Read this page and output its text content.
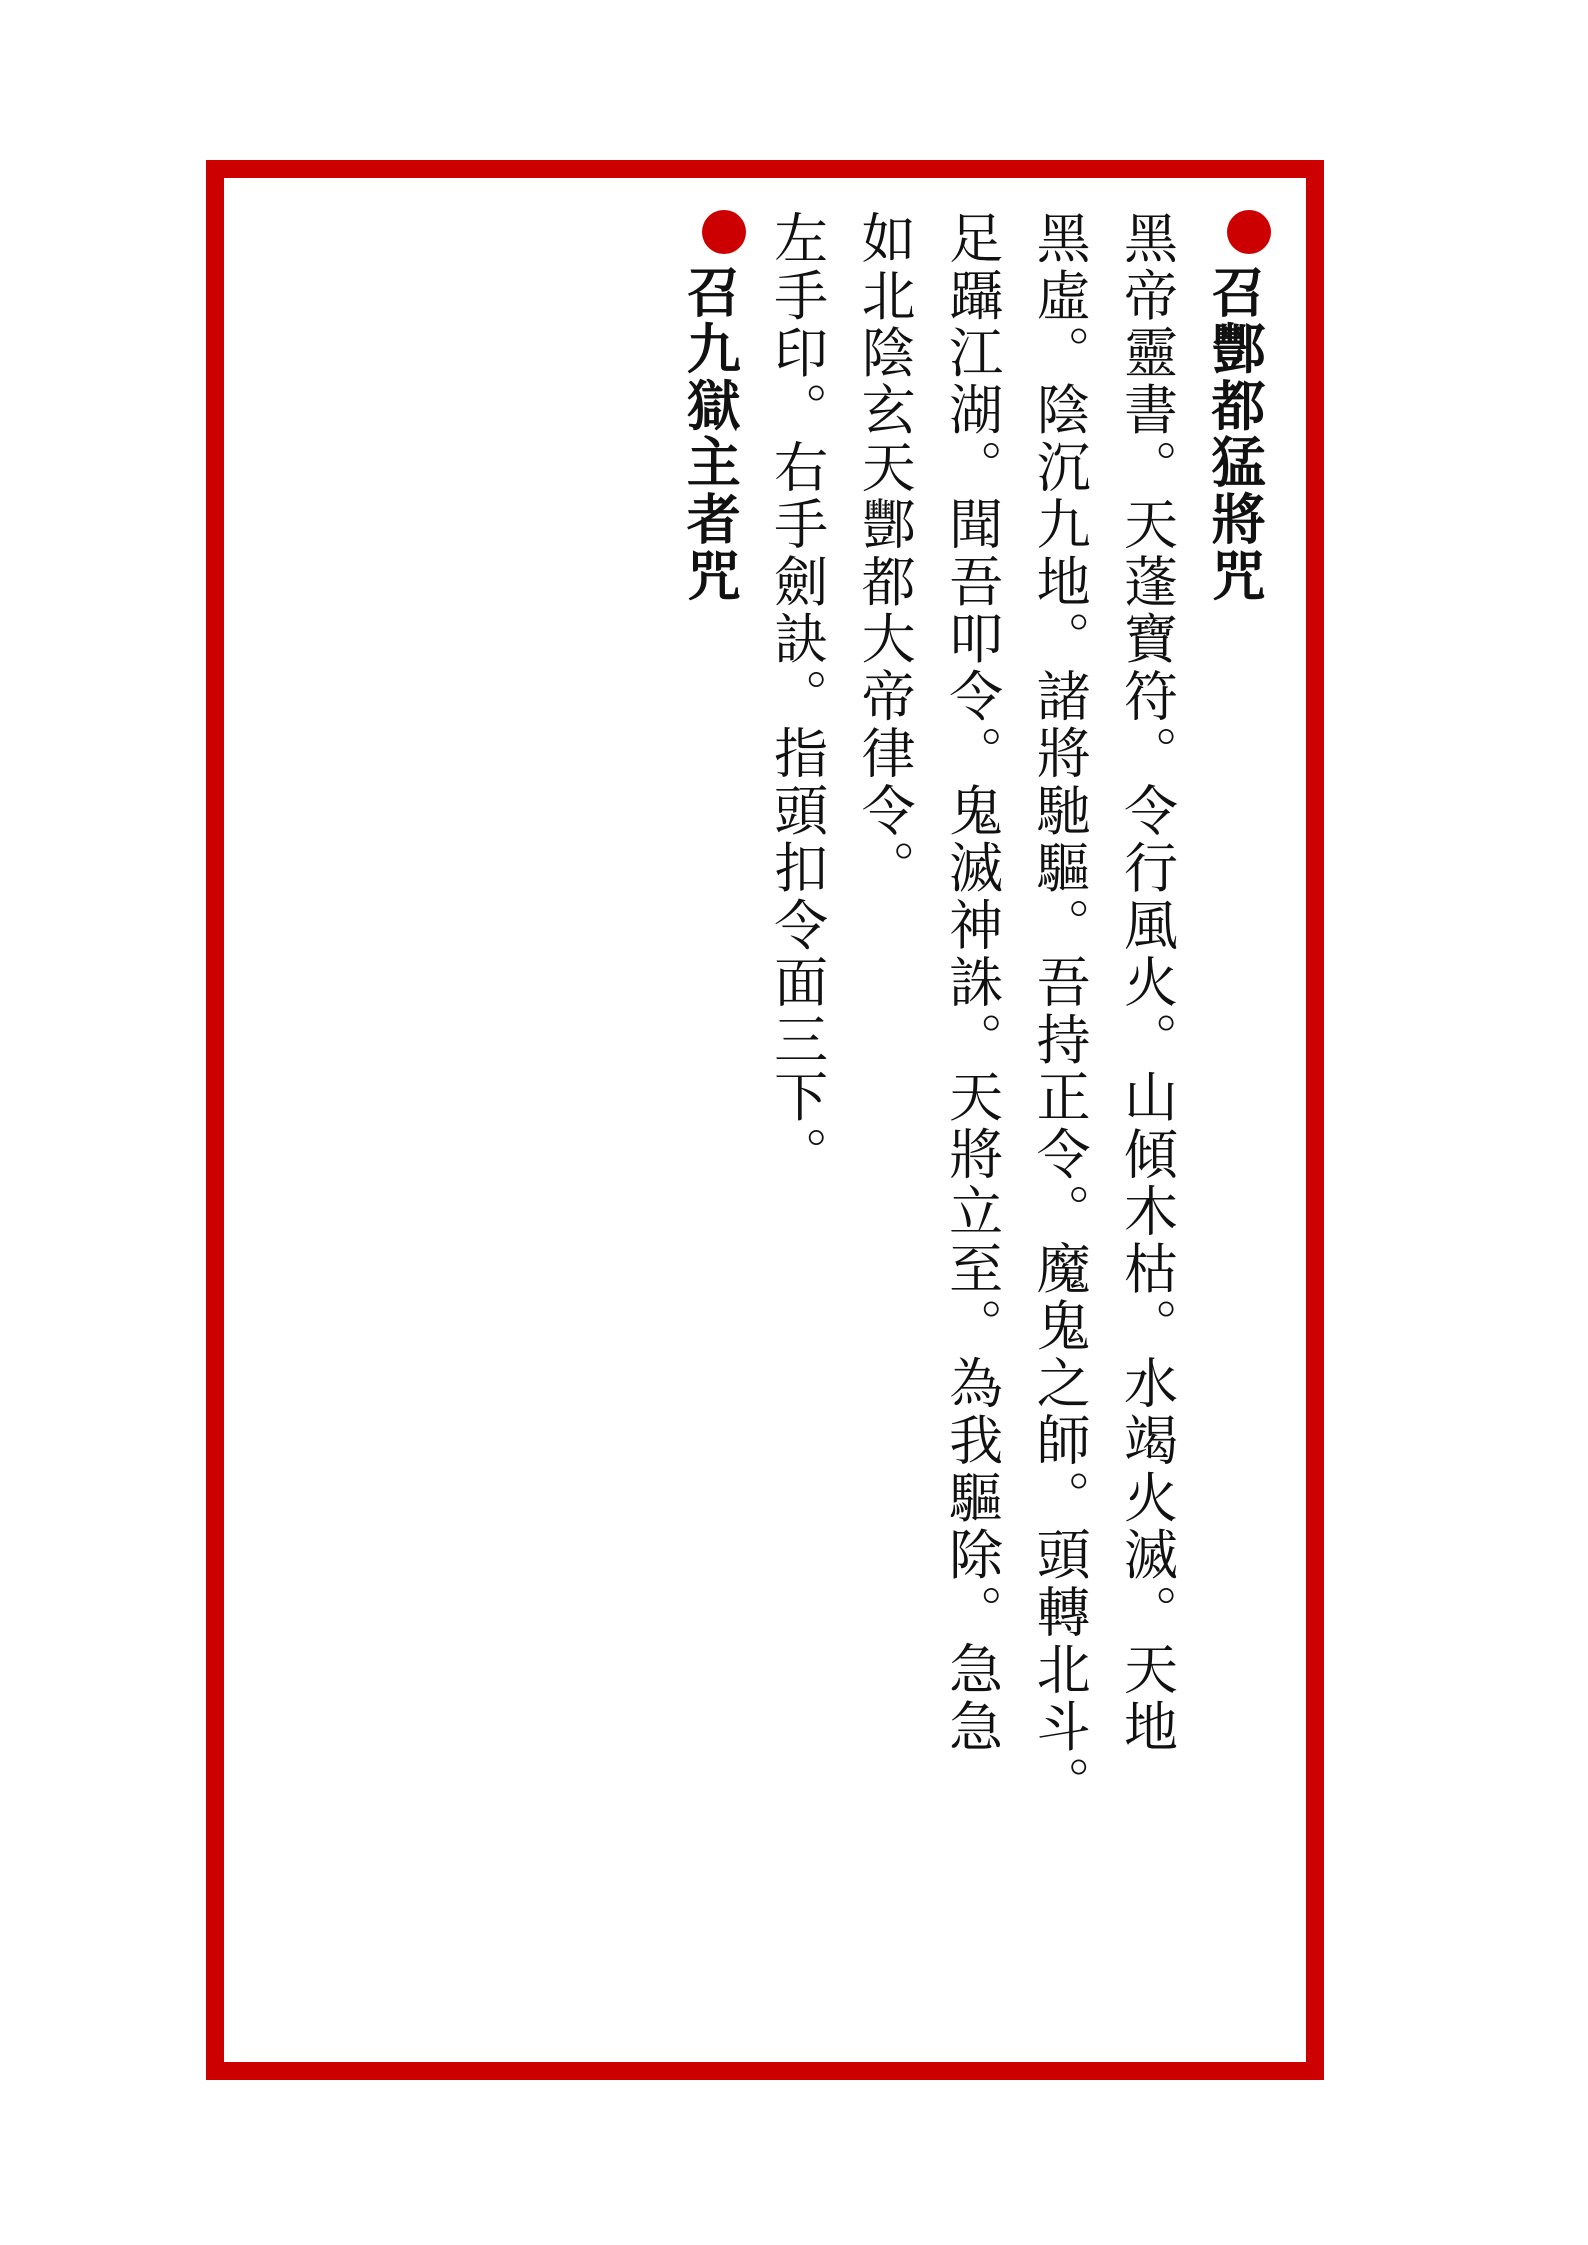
召酆都猛將咒
黑帝靈書。天蓬寶符。令行風火。山傾木枯。水竭火滅。天地
黑虛。陰沉九地。諸將馳驅。吾持正令。魔鬼之師。頭轉北斗。
足躡江湖。聞吾叩令。鬼滅神誅。天將立至。為我驅除。急急
如北陰玄天酆都大帝律令。
左手印。右手劍訣。指頭扣令面三下。
召九獄主者咒
